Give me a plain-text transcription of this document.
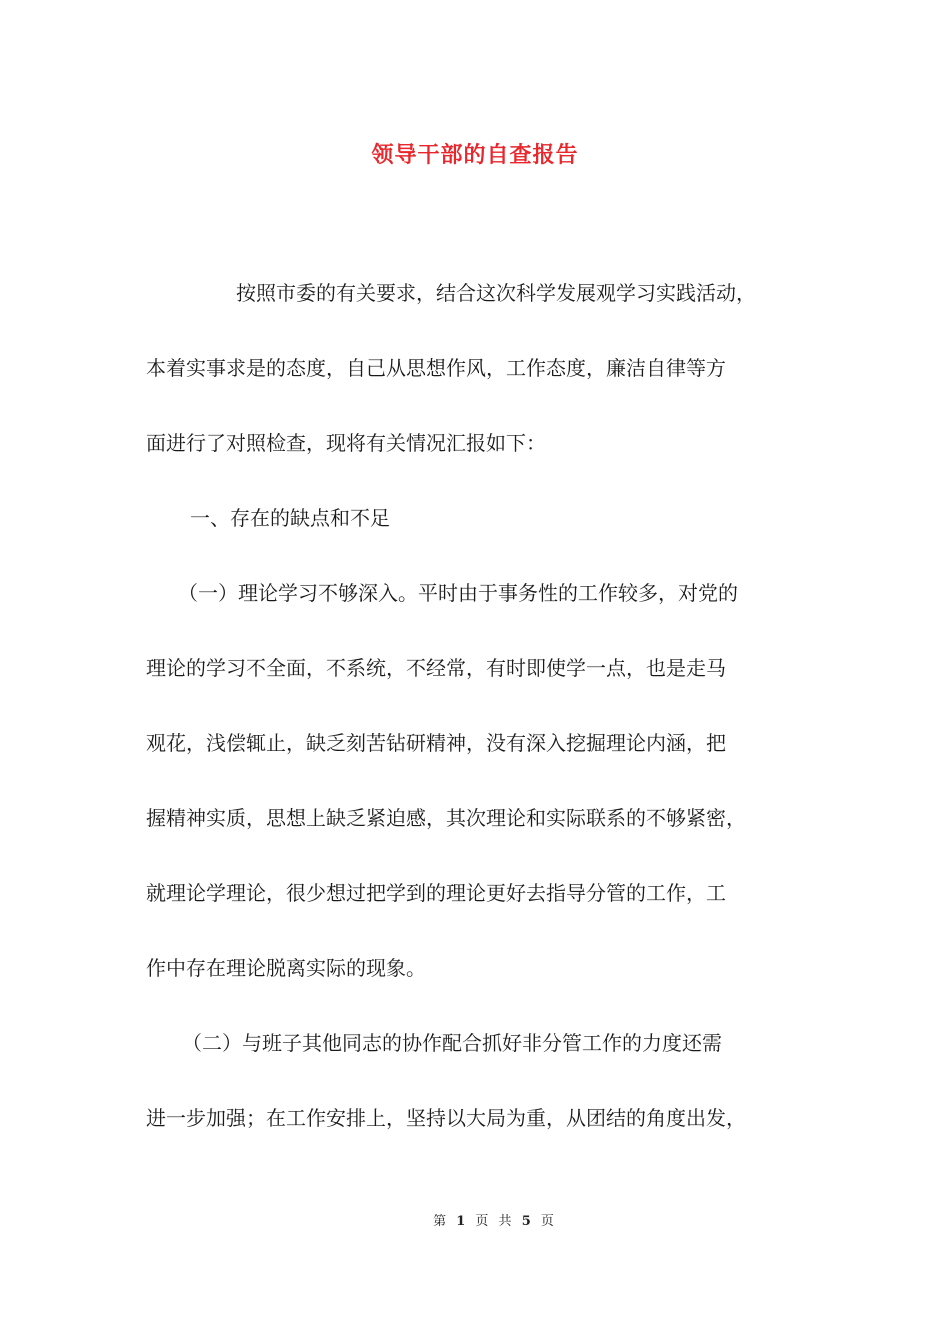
领导干部的自查报告
按照市委的有关要求，结合这次科学发展观学习实践活动，
本着实事求是的态度，自己从思想作风，工作态度，廉洁自律等方
面进行了对照检查，现将有关情况汇报如下：
一、存在的缺点和不足
（一）理论学习不够深入。平时由于事务性的工作较多，对党的
理论的学习不全面，不系统，不经常，有时即使学一点，也是走马
观花，浅偿辄止，缺乏刻苦钻研精神，没有深入挖掘理论内涵，把
握精神实质，思想上缺乏紧迫感，其次理论和实际联系的不够紧密，
就理论学理论，很少想过把学到的理论更好去指导分管的工作，工
作中存在理论脱离实际的现象。
（二）与班子其他同志的协作配合抓好非分管工作的力度还需
进一步加强；在工作安排上，坚持以大局为重，从团结的角度出发，
第 1 页 共 5 页
